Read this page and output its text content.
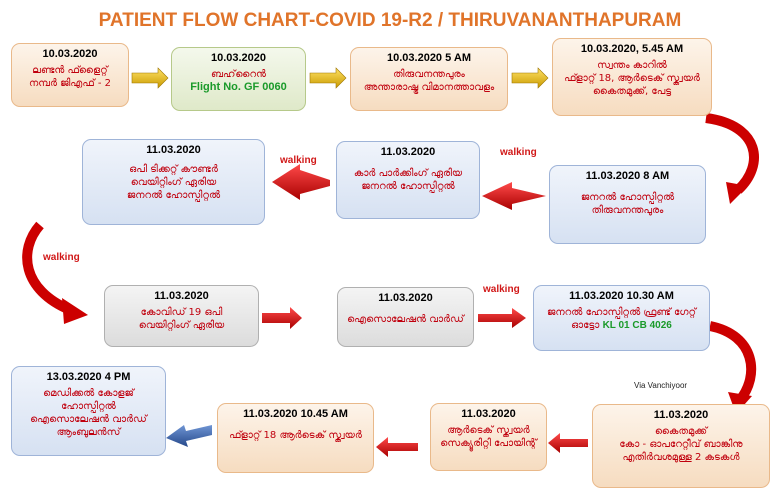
PATIENT FLOW CHART-COVID 19-R2 / THIRUVANANTHAPURAM
10.03.2020
ലണ്ടൻ ഫ്ളൈറ്റ്
നമ്പർ ജിഎഫ് - 2
10.03.2020
ബഹ്‌റൈൻ
Flight No. GF 0060
10.03.2020 5 AM
തിരുവനന്തപുരം
അന്താരാഷ്ട്ര വിമാനത്താവളം
10.03.2020, 5.45 AM
സ്വന്തം കാറിൽ
ഫ്ളാറ്റ് 18, ആർടെക് സ്ക്വയർ
കൈതമുക്ക്, പേട്ട
11.03.2020 8 AM
ജനറൽ ഹോസ്പിറ്റൽ
തിരുവനന്തപുരം
11.03.2020
കാർ പാർക്കിംഗ് ഏരിയ
ജനറൽ ഹോസ്പിറ്റൽ
11.03.2020
ഒപി ടിക്കറ്റ് കൗണ്ടർ
വെയിറ്റിംഗ് ഏരിയ
ജനറൽ ഹോസ്പിറ്റൽ
11.03.2020
കോവിഡ് 19 ഒപി
വെയിറ്റിംഗ് ഏരിയ
11.03.2020
ഐസൊലേഷൻ വാർഡ്
11.03.2020 10.30 AM
ജനറൽ ഹോസ്പിറ്റൽ ഫ്രണ്ട് ഗേറ്റ്
ഓട്ടോ KL 01 CB 4026
11.03.2020
കൈതമുക്ക്
കോ - ഓപറേറ്റീവ് ബാങ്കിനു
എതിർവശമുള്ള 2 കടകൾ
11.03.2020
ആർടെക് സ്ക്വയർ
സെക്യൂരിറ്റി പോയിന്റ്
11.03.2020 10.45 AM
ഫ്ളാറ്റ് 18 ആർടെക് സ്ക്വയർ
13.03.2020 4 PM
മെഡിക്കൽ കോളജ്
ഹോസ്പിറ്റൽ
ഐസൊലേഷൻ വാർഡ്
ആംബുലൻസ്
walking
walking
walking
walking
Via Vanchiyoor
